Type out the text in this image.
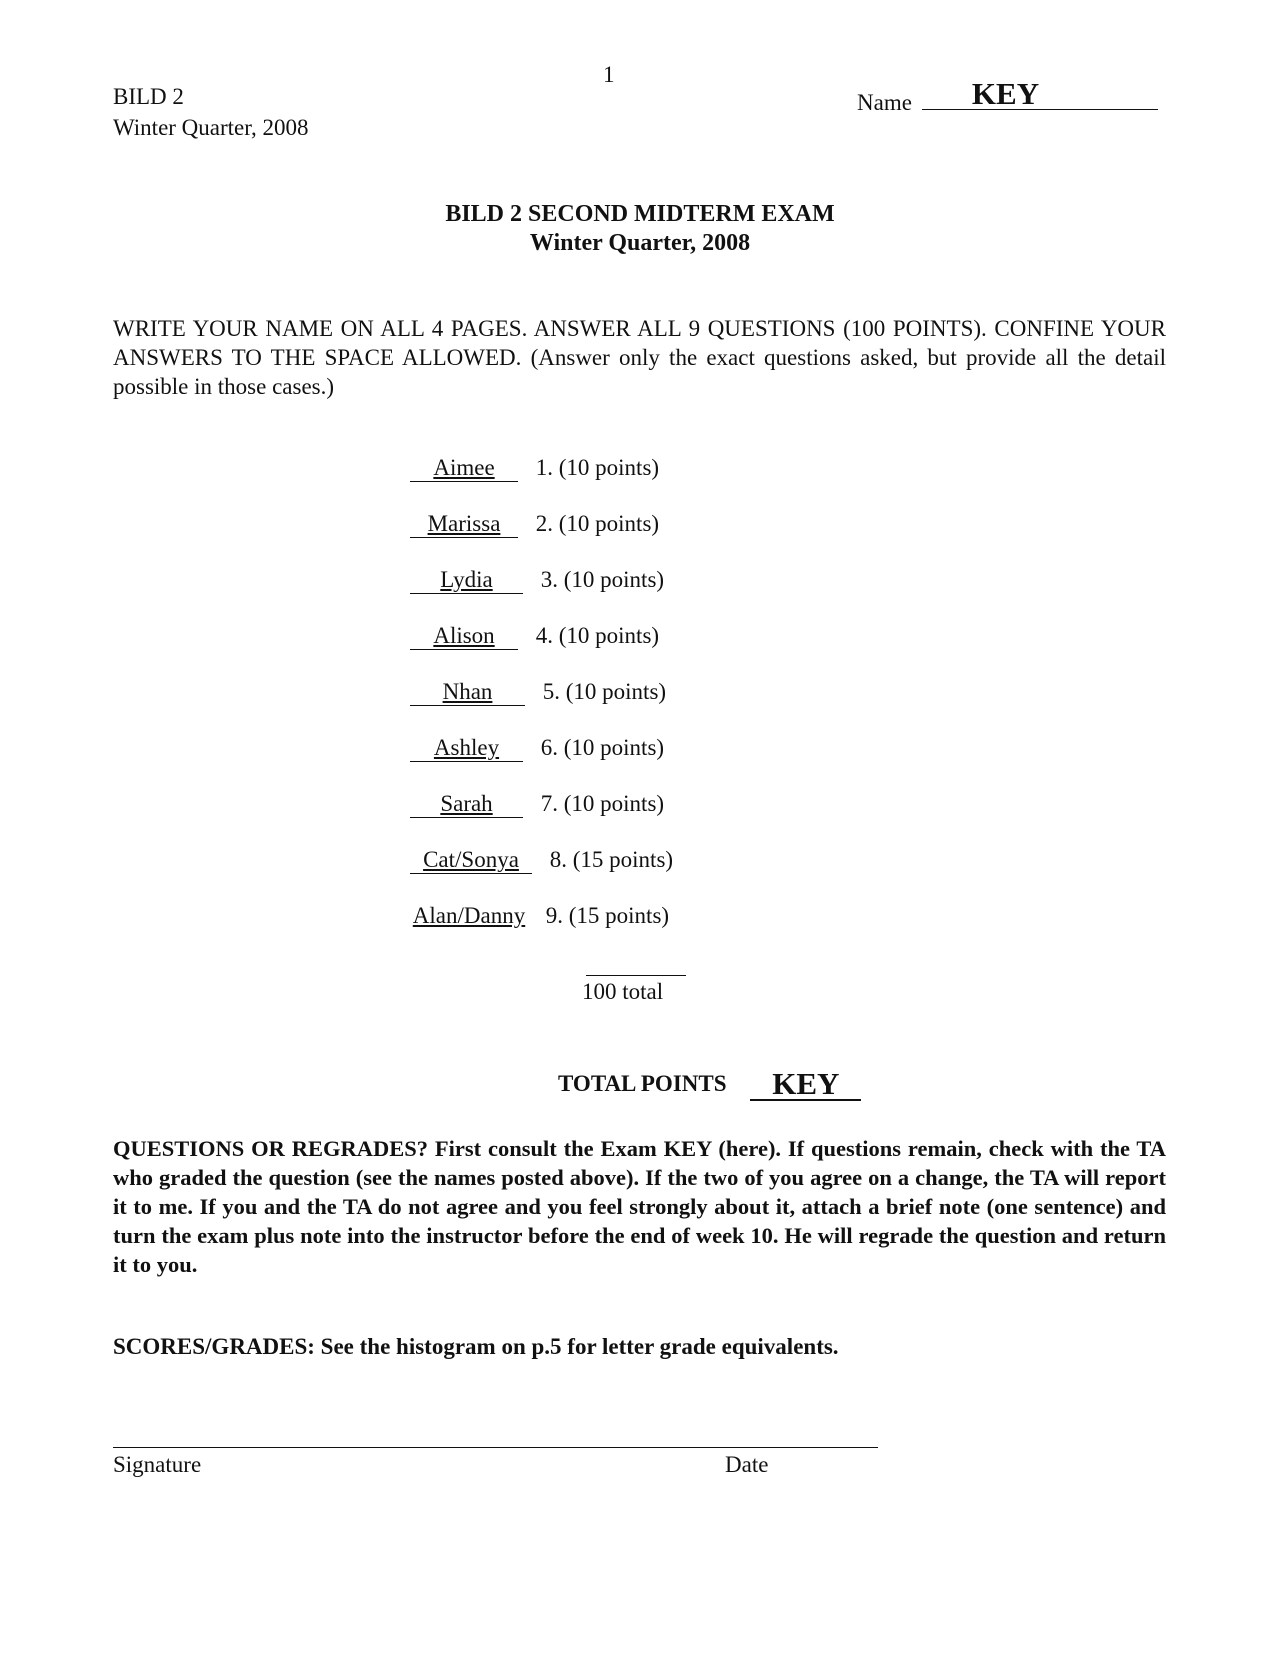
1
BILD 2
Winter Quarter, 2008
Name KEY
BILD 2 SECOND MIDTERM EXAM
Winter Quarter, 2008
WRITE YOUR NAME ON ALL 4 PAGES. ANSWER ALL 9 QUESTIONS (100 POINTS). CONFINE YOUR ANSWERS TO THE SPACE ALLOWED. (Answer only the exact questions asked, but provide all the detail possible in those cases.)
Aimee 1. (10 points)
Marissa 2. (10 points)
Lydia 3. (10 points)
Alison 4. (10 points)
Nhan 5. (10 points)
Ashley 6. (10 points)
Sarah 7. (10 points)
Cat/Sonya 8. (15 points)
Alan/Danny 9. (15 points)
100 total
TOTAL POINTS KEY
QUESTIONS OR REGRADES? First consult the Exam KEY (here). If questions remain, check with the TA who graded the question (see the names posted above). If the two of you agree on a change, the TA will report it to me. If you and the TA do not agree and you feel strongly about it, attach a brief note (one sentence) and turn the exam plus note into the instructor before the end of week 10. He will regrade the question and return it to you.
SCORES/GRADES: See the histogram on p.5 for letter grade equivalents.
Signature	Date
